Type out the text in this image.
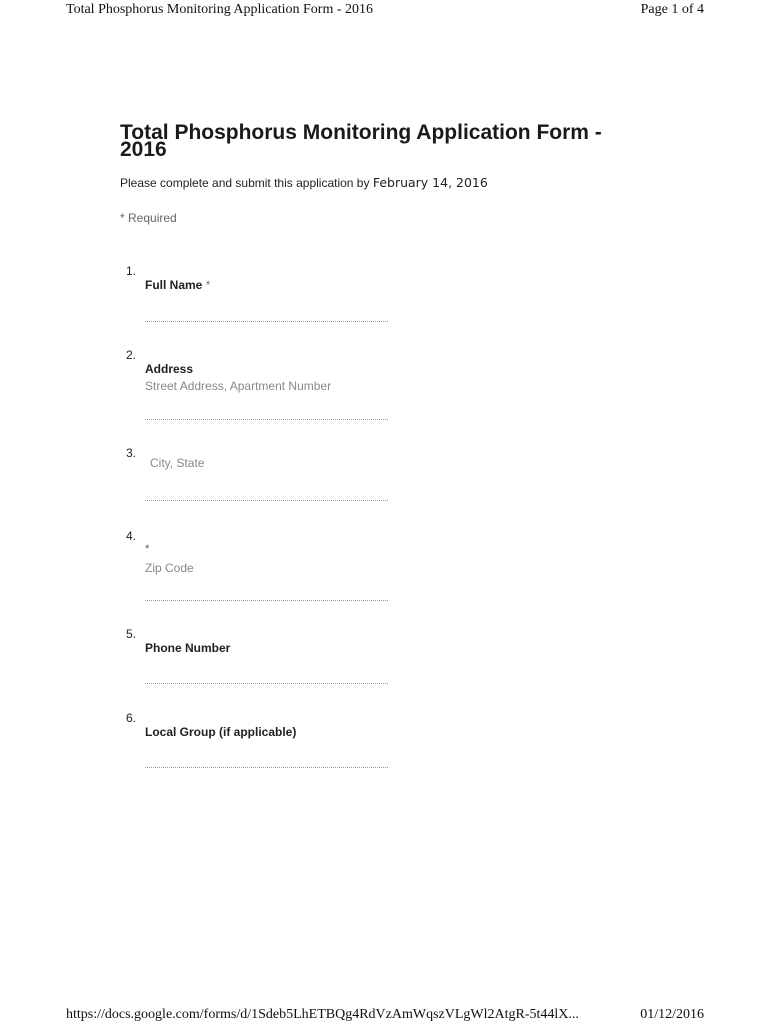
Total Phosphorus Monitoring Application Form - 2016	Page 1 of 4
Total Phosphorus Monitoring Application Form - 2016
Please complete and submit this application by February 14, 2016
* Required
1.
Full Name *
2.
Address
Street Address, Apartment Number
3.
City, State
4.
*
Zip Code
5.
Phone Number
6.
Local Group (if applicable)
https://docs.google.com/forms/d/1Sdeb5LhETBQg4RdVzAmWqszVLgWl2AtgR-5t44lX...	01/12/2016
